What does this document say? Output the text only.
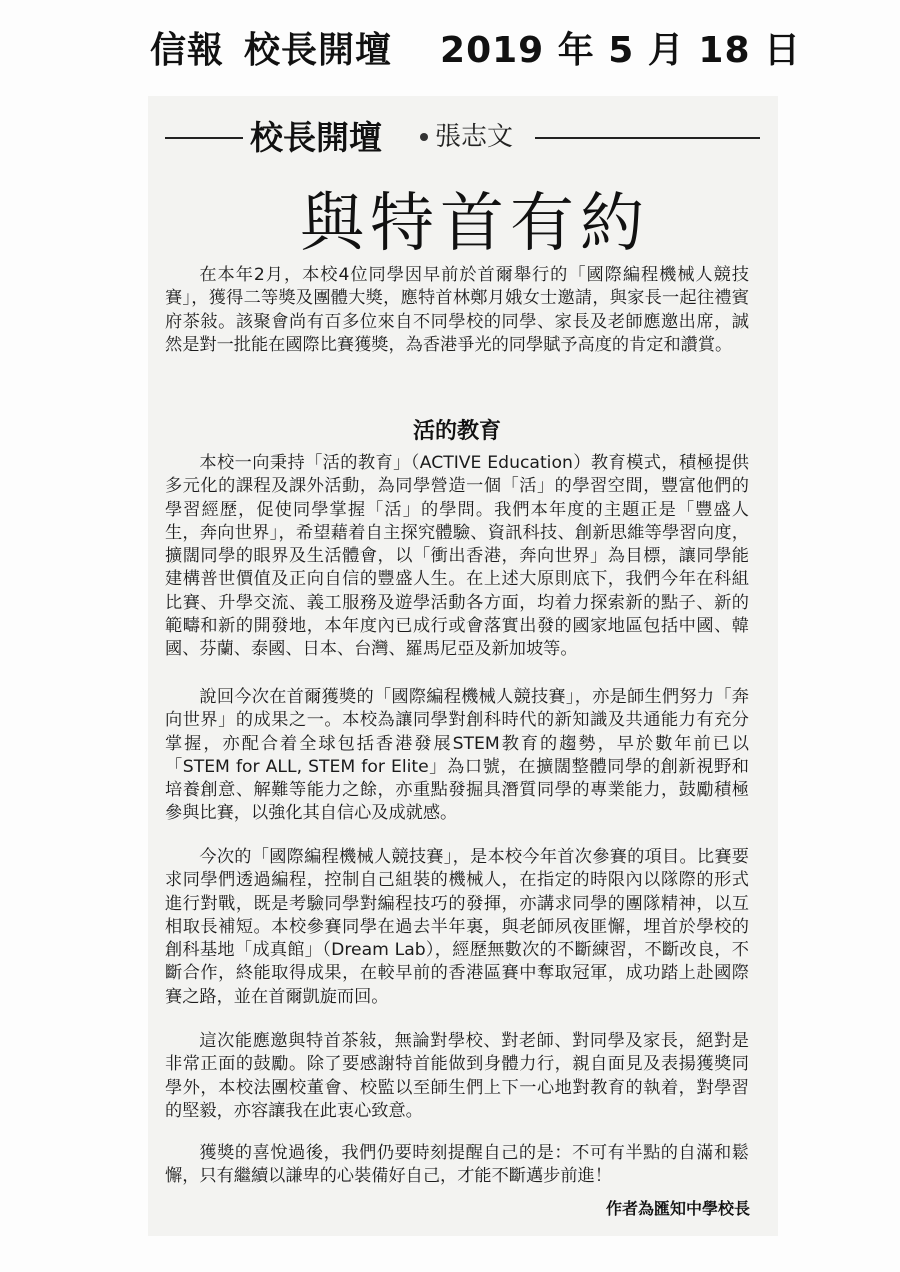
信報 校長開壇 2019 年 5 月 18 日
校長開壇 張志文
與特首有約

在本年2月，本校4位同學因早前於首爾舉行的「國際編程機械人競技賽」，獲得二等獎及團體大獎，應特首林鄭月娥女士邀請，與家長一起往禮賓府茶敍。該聚會尚有百多位來自不同學校的同學、家長及老師應邀出席，誠然是對一批能在國際比賽獲獎，為香港爭光的同學賦予高度的肯定和讚賞。

活的教育

本校一向秉持「活的教育」（ACTIVE Education）教育模式，積極提供多元化的課程及課外活動，為同學營造一個「活」的學習空間，豐富他們的學習經歷，促使同學掌握「活」的學問。我們本年度的主題正是「豐盛人生，奔向世界」，希望藉着自主探究體驗、資訊科技、創新思維等學習向度，擴闊同學的眼界及生活體會，以「衝出香港，奔向世界」為目標，讓同學能建構普世價值及正向自信的豐盛人生。在上述大原則底下，我們今年在科組比賽、升學交流、義工服務及遊學活動各方面，均着力探索新的點子、新的範疇和新的開發地，本年度內已成行或會落實出發的國家地區包括中國、韓國、芬蘭、泰國、日本、台灣、羅馬尼亞及新加坡等。

說回今次在首爾獲獎的「國際編程機械人競技賽」，亦是師生們努力「奔向世界」的成果之一。本校為讓同學對創科時代的新知識及共通能力有充分掌握，亦配合着全球包括香港發展STEM教育的趨勢，早於數年前已以「STEM for ALL, STEM for Elite」為口號，在擴闊整體同學的創新視野和培養創意、解難等能力之餘，亦重點發掘具潛質同學的專業能力，鼓勵積極參與比賽，以強化其自信心及成就感。

今次的「國際編程機械人競技賽」，是本校今年首次參賽的項目。比賽要求同學們透過編程，控制自己組裝的機械人，在指定的時限內以隊際的形式進行對戰，既是考驗同學對編程技巧的發揮，亦講求同學的團隊精神，以互相取長補短。本校參賽同學在過去半年裏，與老師夙夜匪懈，埋首於學校的創科基地「成真館」（Dream Lab），經歷無數次的不斷練習，不斷改良，不斷合作，終能取得成果，在較早前的香港區賽中奪取冠軍，成功踏上赴國際賽之路，並在首爾凱旋而回。

這次能應邀與特首茶敍，無論對學校、對老師、對同學及家長，絕對是非常正面的鼓勵。除了要感謝特首能做到身體力行，親自面見及表揚獲獎同學外，本校法團校董會、校監以至師生們上下一心地對教育的執着，對學習的堅毅，亦容讓我在此衷心致意。

獲獎的喜悅過後，我們仍要時刻提醒自己的是：不可有半點的自滿和鬆懈，只有繼續以謙卑的心裝備好自己，才能不斷邁步前進！

作者為匯知中學校長
